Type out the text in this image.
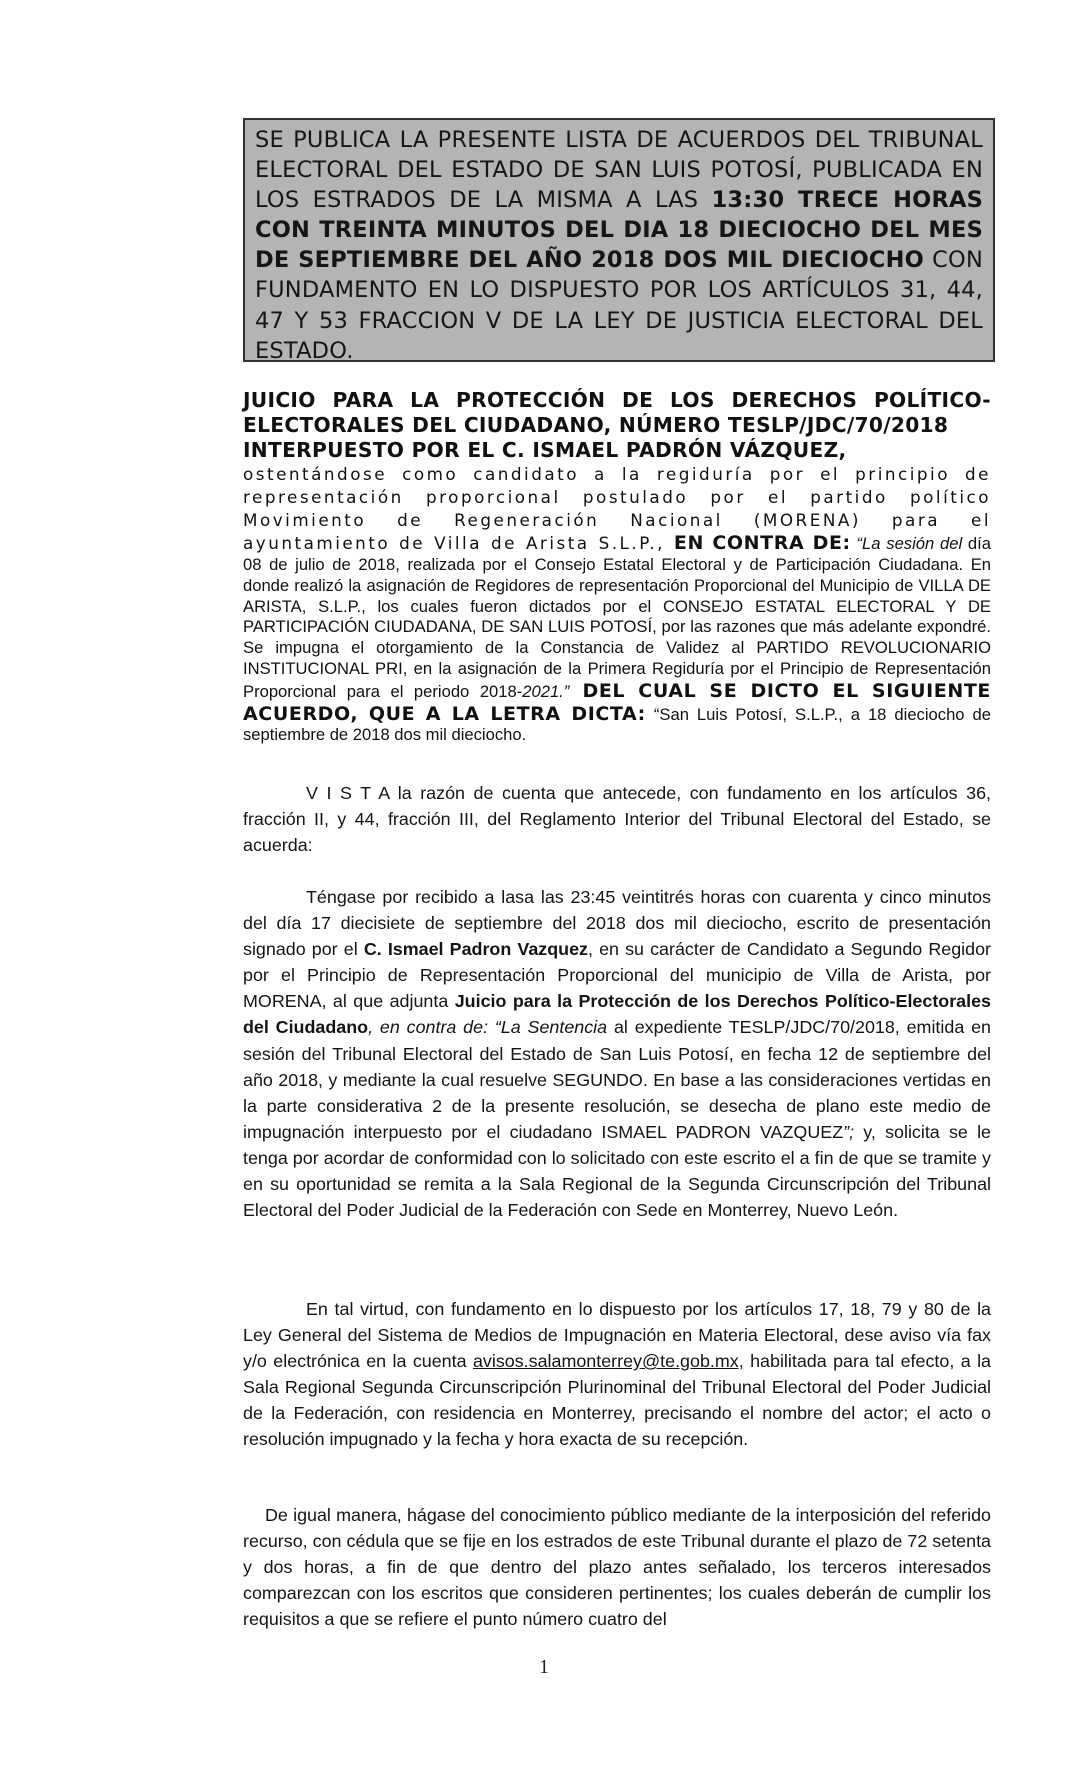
SE PUBLICA LA PRESENTE LISTA DE ACUERDOS DEL TRIBUNAL ELECTORAL DEL ESTADO DE SAN LUIS POTOSÍ, PUBLICADA EN LOS ESTRADOS DE LA MISMA A LAS 13:30 TRECE HORAS CON TREINTA MINUTOS DEL DIA 18 DIECIOCHO DEL MES DE SEPTIEMBRE DEL AÑO 2018 DOS MIL DIECIOCHO CON FUNDAMENTO EN LO DISPUESTO POR LOS ARTÍCULOS 31, 44, 47 Y 53 FRACCION V DE LA LEY DE JUSTICIA ELECTORAL DEL ESTADO.
JUICIO PARA LA PROTECCIÓN DE LOS DERECHOS POLÍTICO-ELECTORALES DEL CIUDADANO, NÚMERO TESLP/JDC/70/2018
INTERPUESTO POR EL C. ISMAEL PADRÓN VÁZQUEZ,
ostentándose como candidato a la regiduría por el principio de representación proporcional postulado por el partido político Movimiento de Regeneración Nacional (MORENA) para el ayuntamiento de Villa de Arista S.L.P., EN CONTRA DE: “La sesión del día 08 de julio de 2018, realizada por el Consejo Estatal Electoral y de Participación Ciudadana. En donde realizó la asignación de Regidores de representación Proporcional del Municipio de VILLA DE ARISTA, S.L.P., los cuales fueron dictados por el CONSEJO ESTATAL ELECTORAL Y DE PARTICIPACIÓN CIUDADANA, DE SAN LUIS POTOSÍ, por las razones que más adelante expondré. Se impugna el otorgamiento de la Constancia de Validez al PARTIDO REVOLUCIONARIO INSTITUCIONAL PRI, en la asignación de la Primera Regiduría por el Principio de Representación Proporcional para el periodo 2018-2021.” DEL CUAL SE DICTO EL SIGUIENTE ACUERDO, QUE A LA LETRA DICTA: “San Luis Potosí, S.L.P., a 18 dieciocho de septiembre de 2018 dos mil dieciocho.
V I S T A la razón de cuenta que antecede, con fundamento en los artículos 36, fracción II, y 44, fracción III, del Reglamento Interior del Tribunal Electoral del Estado, se acuerda:
Téngase por recibido a lasa las 23:45 veintitrés horas con cuarenta y cinco minutos del día 17 diecisiete de septiembre del 2018 dos mil dieciocho, escrito de presentación signado por el C. Ismael Padron Vazquez, en su carácter de Candidato a Segundo Regidor por el Principio de Representación Proporcional del municipio de Villa de Arista, por MORENA, al que adjunta Juicio para la Protección de los Derechos Político-Electorales del Ciudadano, en contra de: “La Sentencia al expediente TESLP/JDC/70/2018, emitida en sesión del Tribunal Electoral del Estado de San Luis Potosí, en fecha 12 de septiembre del año 2018, y mediante la cual resuelve SEGUNDO. En base a las consideraciones vertidas en la parte considerativa 2 de la presente resolución, se desecha de plano este medio de impugnación interpuesto por el ciudadano ISMAEL PADRON VAZQUEZ”; y, solicita se le tenga por acordar de conformidad con lo solicitado con este escrito el a fin de que se tramite y en su oportunidad se remita a la Sala Regional de la Segunda Circunscripción del Tribunal Electoral del Poder Judicial de la Federación con Sede en Monterrey, Nuevo León.
En tal virtud, con fundamento en lo dispuesto por los artículos 17, 18, 79 y 80 de la Ley General del Sistema de Medios de Impugnación en Materia Electoral, dese aviso vía fax y/o electrónica en la cuenta avisos.salamonterrey@te.gob.mx, habilitada para tal efecto, a la Sala Regional Segunda Circunscripción Plurinominal del Tribunal Electoral del Poder Judicial de la Federación, con residencia en Monterrey, precisando el nombre del actor; el acto o resolución impugnado y la fecha y hora exacta de su recepción.
De igual manera, hágase del conocimiento público mediante de la interposición del referido recurso, con cédula que se fije en los estrados de este Tribunal durante el plazo de 72 setenta y dos horas, a fin de que dentro del plazo antes señalado, los terceros interesados comparezcan con los escritos que consideren pertinentes; los cuales deberán de cumplir los requisitos a que se refiere el punto número cuatro del
1
